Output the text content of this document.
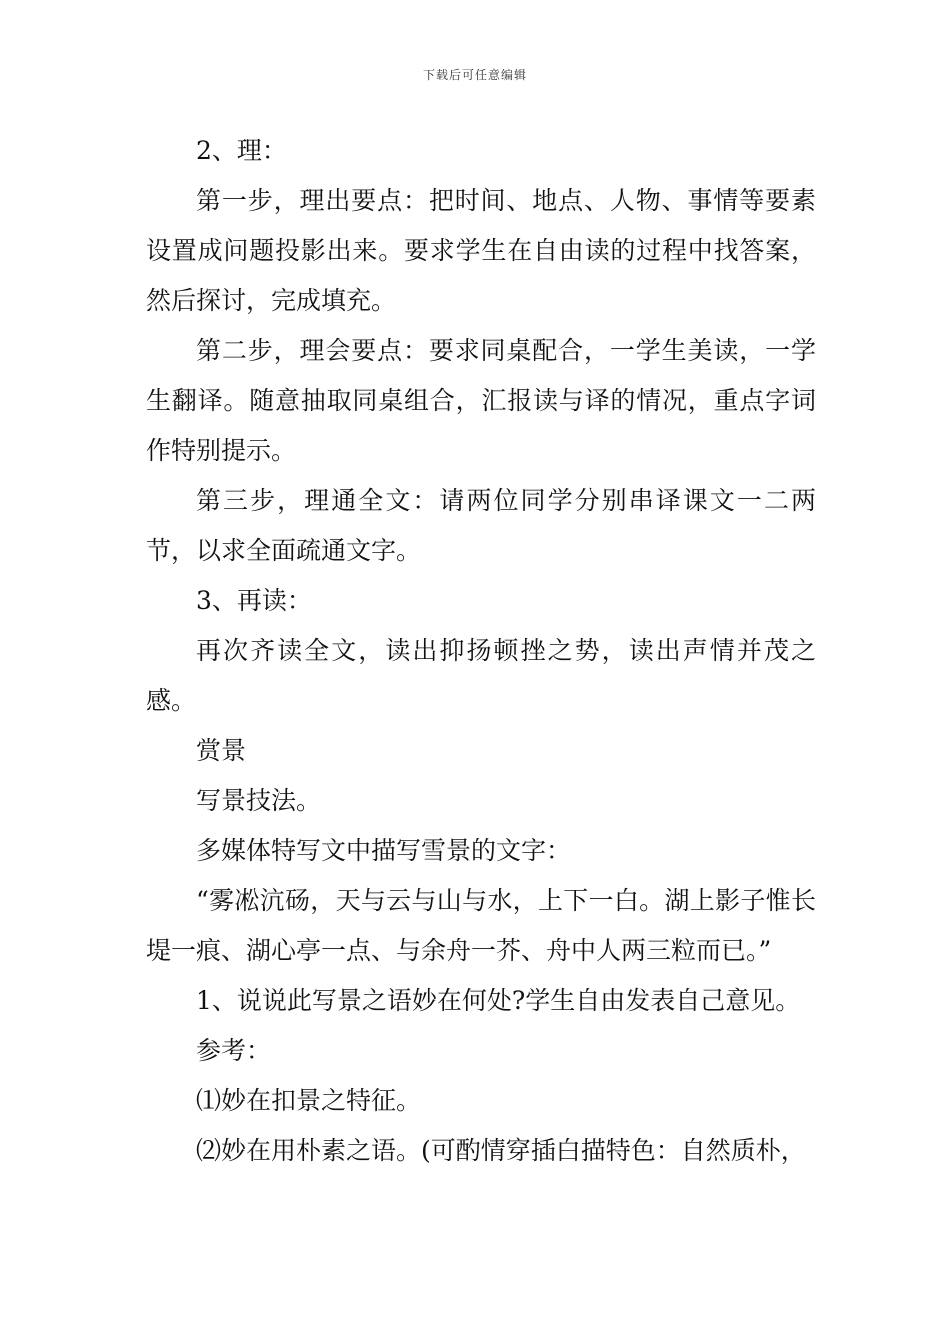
下载后可任意编辑

2、理：

第一步，理出要点：把时间、地点、人物、事情等要素设置成问题投影出来。要求学生在自由读的过程中找答案，然后探讨，完成填充。

第二步，理会要点：要求同桌配合，一学生美读，一学生翻译。随意抽取同桌组合，汇报读与译的情况，重点字词作特别提示。

第三步，理通全文：请两位同学分别串译课文一二两节，以求全面疏通文字。

3、再读：

再次齐读全文，读出抑扬顿挫之势，读出声情并茂之感。

赏景

写景技法。

多媒体特写文中描写雪景的文字：

“雾凇沆砀，天与云与山与水，上下一白。湖上影子惟长堤一痕、湖心亭一点、与余舟一芥、舟中人两三粒而已。”

1、说说此写景之语妙在何处?学生自由发表自己意见。

参考：

⑴妙在扣景之特征。

⑵妙在用朴素之语。(可酌情穿插白描特色：自然质朴，
